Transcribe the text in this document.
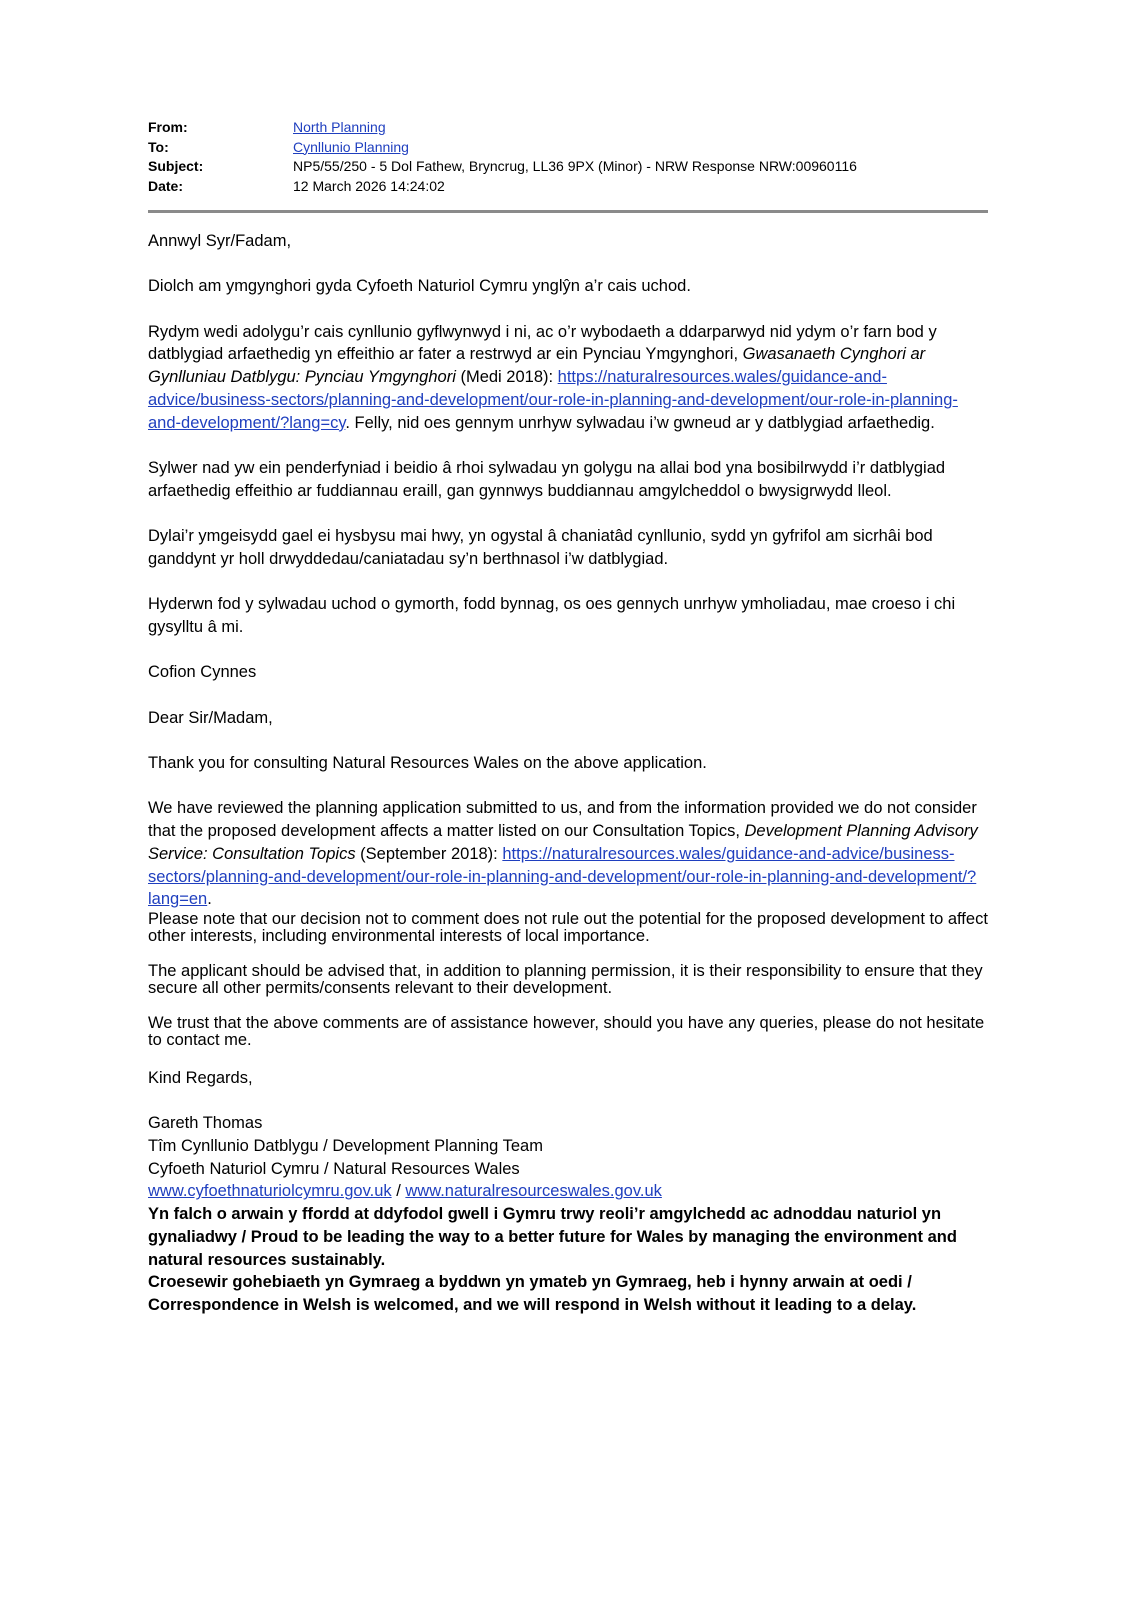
From:	North Planning
To:	Cynllunio Planning
Subject:	NP5/55/250 - 5 Dol Fathew, Bryncrug, LL36 9PX (Minor) - NRW Response NRW:00960116
Date:	12 March 2026 14:24:02

Annwyl Syr/Fadam,

Diolch am ymgynghori gyda Cyfoeth Naturiol Cymru ynglŷn a’r cais uchod.

Rydym wedi adolygu’r cais cynllunio gyflwynwyd i ni, ac o’r wybodaeth a ddarparwyd nid ydym o’r farn bod y datblygiad arfaethedig yn effeithio ar fater a restrwyd ar ein Pynciau Ymgynghori, Gwasanaeth Cynghori ar Gynlluniau Datblygu: Pynciau Ymgynghori (Medi 2018): https://naturalresources.wales/guidance-and-advice/business-sectors/planning-and-development/our-role-in-planning-and-development/our-role-in-planning-and-development/?lang=cy. Felly, nid oes gennym unrhyw sylwadau i’w gwneud ar y datblygiad arfaethedig.

Sylwer nad yw ein penderfyniad i beidio â rhoi sylwadau yn golygu na allai bod yna bosibilrwydd i’r datblygiad arfaethedig effeithio ar fuddiannau eraill, gan gynnwys buddiannau amgylcheddol o bwysigrwydd lleol.

Dylai’r ymgeisydd gael ei hysbysu mai hwy, yn ogystal â chaniatâd cynllunio, sydd yn gyfrifol am sicrhâi bod ganddynt yr holl drwyddedau/caniatadau sy’n berthnasol i’w datblygiad.

Hyderwn fod y sylwadau uchod o gymorth, fodd bynnag, os oes gennych unrhyw ymholiadau, mae croeso i chi gysylltu â mi.

Cofion Cynnes

Dear Sir/Madam,

Thank you for consulting Natural Resources Wales on the above application.

We have reviewed the planning application submitted to us, and from the information provided we do not consider that the proposed development affects a matter listed on our Consultation Topics, Development Planning Advisory Service: Consultation Topics (September 2018): https://naturalresources.wales/guidance-and-advice/business-sectors/planning-and-development/our-role-in-planning-and-development/our-role-in-planning-and-development/?lang=en.

Please note that our decision not to comment does not rule out the potential for the proposed development to affect other interests, including environmental interests of local importance.

The applicant should be advised that, in addition to planning permission, it is their responsibility to ensure that they secure all other permits/consents relevant to their development.

We trust that the above comments are of assistance however, should you have any queries, please do not hesitate to contact me.

Kind Regards,

Gareth Thomas

Tîm Cynllunio Datblygu / Development Planning Team

Cyfoeth Naturiol Cymru / Natural Resources Wales

www.cyfoethnaturiolcymru.gov.uk / www.naturalresourceswales.gov.uk

Yn falch o arwain y ffordd at ddyfodol gwell i Gymru trwy reoli’r amgylchedd ac adnoddau naturiol yn gynaliadwy / Proud to be leading the way to a better future for Wales by managing the environment and natural resources sustainably.

Croesewir gohebiaeth yn Gymraeg a byddwn yn ymateb yn Gymraeg, heb i hynny arwain at oedi / Correspondence in Welsh is welcomed, and we will respond in Welsh without it leading to a delay.
